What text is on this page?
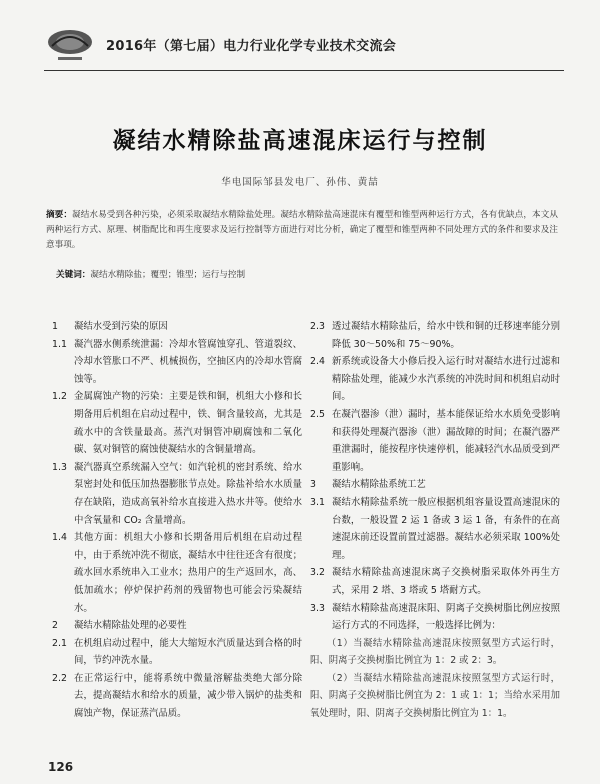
2016年（第七届）电力行业化学专业技术交流会
凝结水精除盐高速混床运行与控制
华电国际邹县发电厂、孙伟、黄喆
摘要：凝结水易受到各种污染，必须采取凝结水精除盐处理。凝结水精除盐高速混床有覆型和锥型两种运行方式，各有优缺点，本文从两种运行方式、原理、树脂配比和再生度要求及运行控制等方面进行对比分析，确定了覆型和锥型两种不同处理方式的条件和要求及注意事项。
关键词：凝结水精除盐；覆型；锥型；运行与控制
1	凝结水受到污染的原因
1.1 凝汽器水侧系统泄漏：冷却水管腐蚀穿孔、管道裂纹、冷却水管胀口不严、机械损伤，空抽区内的冷却水管腐蚀等。
1.2 金属腐蚀产物的污染：主要是铁和铜，机组大小修和长期备用后机组在启动过程中，铁、铜含量较高，尤其是疏水中的含铁量最高。蒸汽对铜管冲刷腐蚀和二氧化碳、氨对铜管的腐蚀使凝结水的含铜量增高。
1.3 凝汽器真空系统漏入空气：如汽轮机的密封系统、给水泵密封处和低压加热器膨胀节点处。除盐补给水水质量存在缺陷，造成高氧补给水直接进入热水井等。使给水中含氧量和 CO₂ 含量增高。
1.4 其他方面：机组大小修和长期备用后机组在启动过程中，由于系统冲洗不彻底，凝结水中往往还含有很度；疏水回水系统串入工业水；热用户的生产返回水，高、低加疏水；停炉保护药剂的残留物也可能会污染凝结水。
2	凝结水精除盐处理的必要性
2.1 在机组启动过程中，能大大缩短水汽质量达到合格的时间，节约冲洗水量。
2.2 在正常运行中，能将系统中微量溶解盐类绝大部分除去，提高凝结水和给水的质量，减少带入锅炉的盐类和腐蚀产物，保证蒸汽品质。
2.3 透过凝结水精除盐后，给水中铁和铜的迁移速率能分别降低 30～50%和 75～90%。
2.4 新系统或设备大小修后投入运行时对凝结水进行过滤和精除盐处理，能减少水汽系统的冲洗时间和机组启动时间。
2.5 在凝汽器渗（泄）漏时，基本能保证给水水质免受影响和获得处理凝汽器渗（泄）漏故障的时间；在凝汽器严重泄漏时，能按程序快速停机，能减轻汽水品质受到严重影响。
3	凝结水精除盐系统工艺
3.1 凝结水精除盐系统一般应根据机组容量设置高速混床的台数，一般设置 2 运 1 备或 3 运 1 备，有条件的在高速混床前还设置前置过滤器。凝结水必须采取 100%处理。
3.2 凝结水精除盐高速混床离子交换树脂采取体外再生方式，采用 2 塔、3 塔或 5 塔耐方式。
3.3 凝结水精除盐高速混床阳、阴离子交换树脂比例应按照运行方式的不同选择，一般选择比例为：

（1）当凝结水精除盐高速混床按照氨型方式运行时，阳、阴离子交换树脂比例宜为 1：2 或 2：3。

（2）当凝结水精除盐高速混床按照氢型方式运行时，阳、阴离子交换树脂比例宜为 2：1 或 1：1；当给水采用加氧处理时，阳、阴离子交换树脂比例宜为 1：1。

126
